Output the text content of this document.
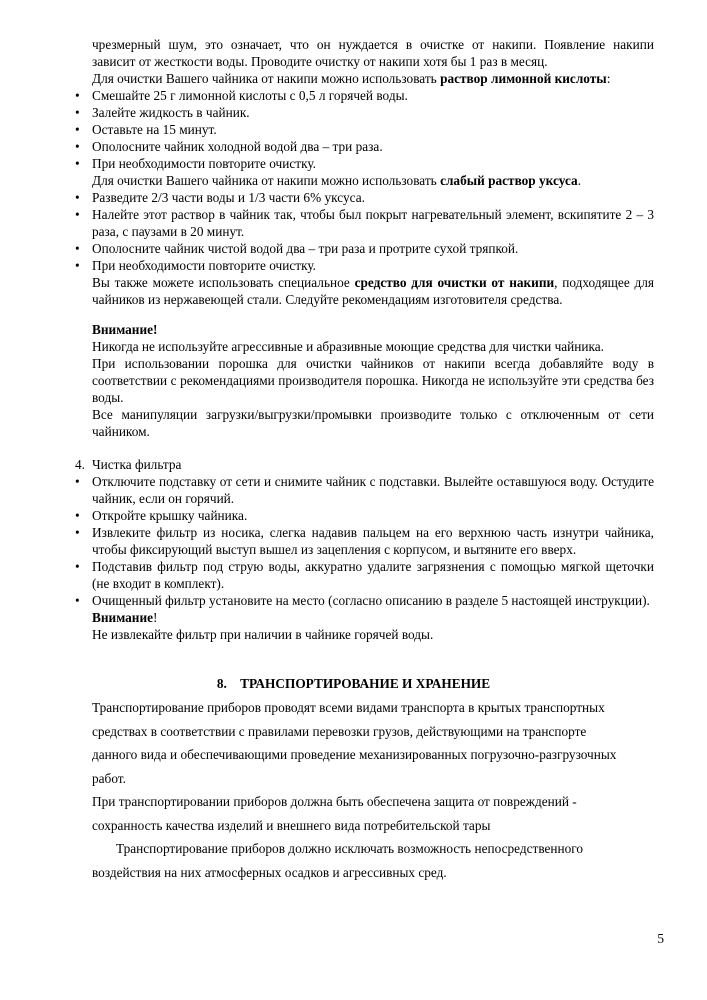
чрезмерный шум, это означает, что он нуждается в очистке от накипи. Появление накипи

зависит от жесткости воды. Проводите очистку от накипи хотя бы 1 раз в месяц.

Для очистки Вашего чайника от накипи можно использовать раствор лимонной кислоты:

• Смешайте 25 г лимонной кислоты с 0,5 л горячей воды.

• Залейте жидкость в чайник.

• Оставьте на 15 минут.

• Ополосните чайник холодной водой два – три раза.

• При необходимости повторите очистку.

Для очистки Вашего чайника от накипи можно использовать слабый раствор уксуса.

• Разведите 2/3 части воды и 1/3 части 6% уксуса.

• Налейте этот раствор в чайник так, чтобы был покрыт нагревательный элемент, вскипятите 2 – 3 раза, с паузами в 20 минут.

• Ополосните чайник чистой водой два – три раза и протрите сухой тряпкой.

• При необходимости повторите очистку.

Вы также можете использовать специальное средство для очистки от накипи, подходящее для чайников из нержавеющей стали. Следуйте рекомендациям изготовителя средства.

Внимание!

Никогда не используйте агрессивные и абразивные моющие средства для чистки чайника.

При использовании порошка для очистки чайников от накипи всегда добавляйте воду в соответствии с рекомендациями производителя порошка. Никогда не используйте эти средства без воды.

Все манипуляции загрузки/выгрузки/промывки производите только с отключенным от сети чайником.

4. Чистка фильтра

• Отключите подставку от сети и снимите чайник с подставки. Вылейте оставшуюся воду. Остудите чайник, если он горячий.

• Откройте крышку чайника.

• Извлеките фильтр из носика, слегка надавив пальцем на его верхнюю часть изнутри чайника, чтобы фиксирующий выступ вышел из зацепления с корпусом, и вытяните его вверх.

• Подставив фильтр под струю воды, аккуратно удалите загрязнения с помощью мягкой щеточки (не входит в комплект).

• Очищенный фильтр установите на место (согласно описанию в разделе 5 настоящей инструкции).

Внимание!

Не извлекайте фильтр при наличии в чайнике горячей воды.

8. ТРАНСПОРТИРОВАНИЕ И ХРАНЕНИЕ

Транспортирование приборов проводят всеми видами транспорта в крытых транспортных

средствах в соответствии с правилами перевозки грузов, действующими на транспорте

данного вида и обеспечивающими проведение механизированных погрузочно-разгрузочных

работ.

При транспортировании приборов должна быть обеспечена защита от повреждений -

сохранность качества изделий и внешнего вида потребительской тары

Транспортирование приборов должно исключать возможность непосредственного

воздействия на них атмосферных осадков и агрессивных сред.

5
